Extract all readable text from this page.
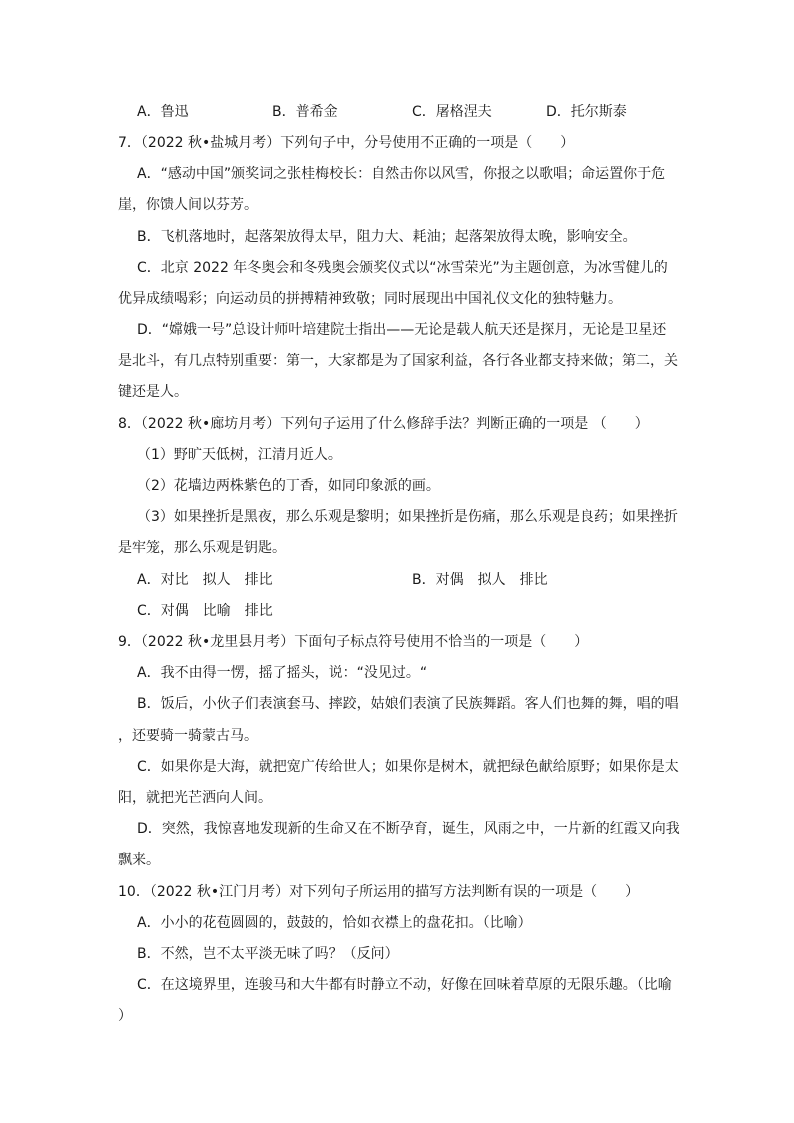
A．鲁迅	B．普希金	C．屠格涅夫	D．托尔斯泰
7．（2022 秋•盐城月考）下列句子中，分号使用不正确的一项是（　　）
A．“感动中国”颁奖词之张桂梅校长：自然击你以风雪，你报之以歌唱；命运置你于危
崖，你馈人间以芬芳。
B．飞机落地时，起落架放得太早，阻力大、耗油；起落架放得太晚，影响安全。
C．北京 2022 年冬奥会和冬残奥会颁奖仪式以“冰雪荣光”为主题创意，为冰雪健儿的
优异成绩喝彩；向运动员的拼搏精神致敬；同时展现出中国礼仪文化的独特魅力。
D．“嫦娥一号”总设计师叶培建院士指出——无论是载人航天还是探月，无论是卫星还
是北斗，有几点特别重要：第一，大家都是为了国家利益，各行各业都支持来做；第二，关
键还是人。
8．（2022 秋•廊坊月考）下列句子运用了什么修辞手法？判断正确的一项是 （　　）
（1）野旷天低树，江清月近人。
（2）花墙边两株紫色的丁香，如同印象派的画。
（3）如果挫折是黑夜，那么乐观是黎明；如果挫折是伤痛，那么乐观是良药；如果挫折
是牢笼，那么乐观是钥匙。
A．对比　拟人　排比	B．对偶　拟人　排比
C．对偶　比喻　排比
9．（2022 秋•龙里县月考）下面句子标点符号使用不恰当的一项是（　　）
A．我不由得一愣，摇了摇头，说：“没见过。“
B．饭后，小伙子们表演套马、摔跤，姑娘们表演了民族舞蹈。客人们也舞的舞，唱的唱
，还要骑一骑蒙古马。
C．如果你是大海，就把宽广传给世人；如果你是树木，就把绿色献给原野；如果你是太
阳，就把光芒洒向人间。
D．突然，我惊喜地发现新的生命又在不断孕育，诞生，风雨之中，一片新的红霞又向我
飘来。
10．（2022 秋•江门月考）对下列句子所运用的描写方法判断有误的一项是（　　）
A．小小的花苞圆圆的，鼓鼓的，恰如衣襟上的盘花扣。（比喻）
B．不然，岂不太平淡无味了吗？（反问）
C．在这境界里，连骏马和大牛都有时静立不动，好像在回味着草原的无限乐趣。（比喻
）
